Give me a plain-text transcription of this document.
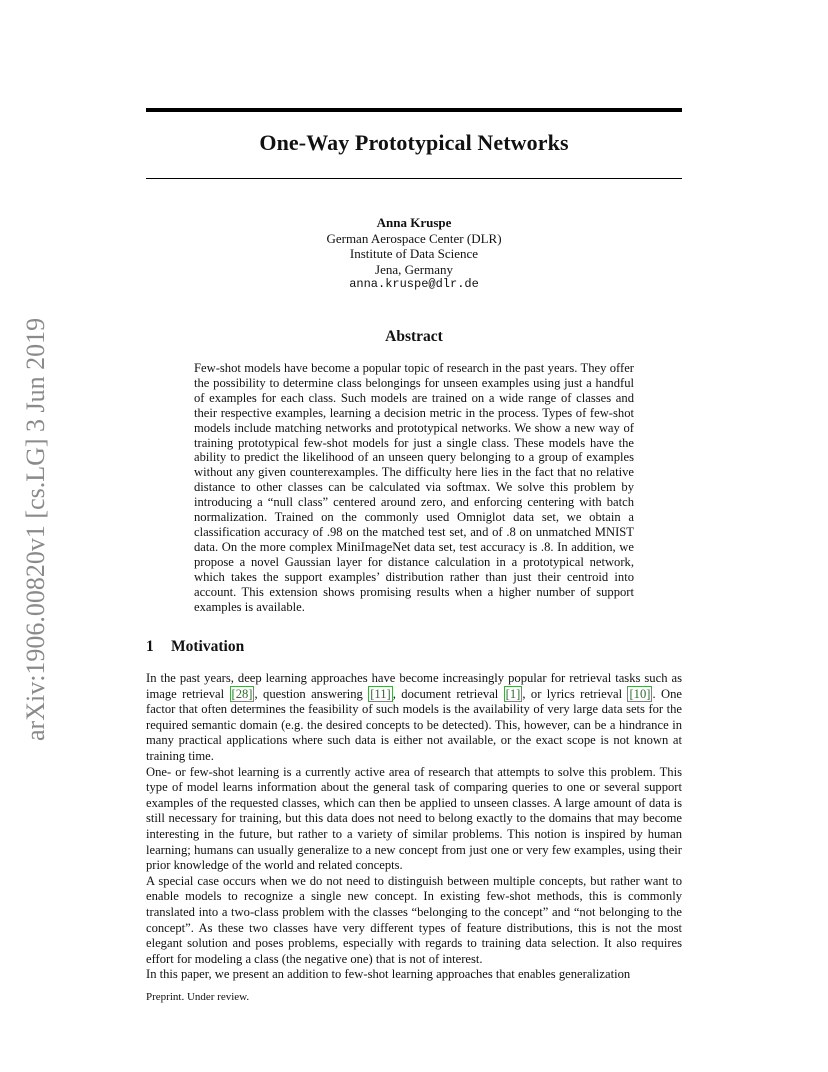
arXiv:1906.00820v1 [cs.LG] 3 Jun 2019
One-Way Prototypical Networks
Anna Kruspe
German Aerospace Center (DLR)
Institute of Data Science
Jena, Germany
anna.kruspe@dlr.de
Abstract
Few-shot models have become a popular topic of research in the past years. They offer the possibility to determine class belongings for unseen examples using just a handful of examples for each class. Such models are trained on a wide range of classes and their respective examples, learning a decision metric in the process. Types of few-shot models include matching networks and prototypical networks. We show a new way of training prototypical few-shot models for just a single class. These models have the ability to predict the likelihood of an unseen query belonging to a group of examples without any given counterexamples. The difficulty here lies in the fact that no relative distance to other classes can be calculated via softmax. We solve this problem by introducing a “null class” centered around zero, and enforcing centering with batch normalization. Trained on the commonly used Omniglot data set, we obtain a classification accuracy of .98 on the matched test set, and of .8 on unmatched MNIST data. On the more complex MiniImageNet data set, test accuracy is .8. In addition, we propose a novel Gaussian layer for distance calculation in a prototypical network, which takes the support examples’ distribution rather than just their centroid into account. This extension shows promising results when a higher number of support examples is available.
1 Motivation

In the past years, deep learning approaches have become increasingly popular for retrieval tasks such as image retrieval [28] , question answering [11] , document retrieval [1] , or lyrics retrieval [10] . One factor that often determines the feasibility of such models is the availability of very large data sets for the required semantic domain (e.g. the desired concepts to be detected). This, however, can be a hindrance in many practical applications where such data is either not available, or the exact scope is not known at training time.

One- or few-shot learning is a currently active area of research that attempts to solve this problem. This type of model learns information about the general task of comparing queries to one or several support examples of the requested classes, which can then be applied to unseen classes. A large amount of data is still necessary for training, but this data does not need to belong exactly to the domains that may become interesting in the future, but rather to a variety of similar problems. This notion is inspired by human learning; humans can usually generalize to a new concept from just one or very few examples, using their prior knowledge of the world and related concepts.

A special case occurs when we do not need to distinguish between multiple concepts, but rather want to enable models to recognize a single new concept. In existing few-shot methods, this is commonly translated into a two-class problem with the classes “belonging to the concept” and “not belonging to the concept”. As these two classes have very different types of feature distributions, this is not the most elegant solution and poses problems, especially with regards to training data selection. It also requires effort for modeling a class (the negative one) that is not of interest.

In this paper, we present an addition to few-shot learning approaches that enables generalization

Preprint. Under review.
